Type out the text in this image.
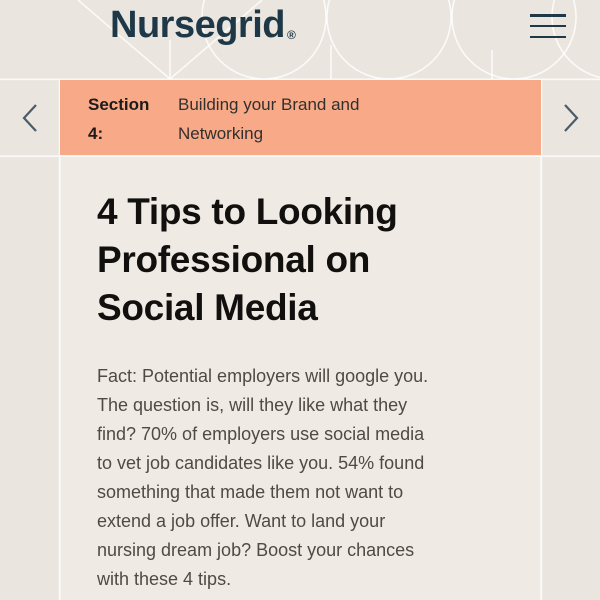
Nursegrid ®
Section 4:
Building your Brand and Networking
4 Tips to Looking Professional on Social Media

Fact: Potential employers will google you. The question is, will they like what they find? 70% of employers use social media to vet job candidates like you. 54% found something that made them not want to extend a job offer. Want to land your nursing dream job? Boost your chances with these 4 tips.
